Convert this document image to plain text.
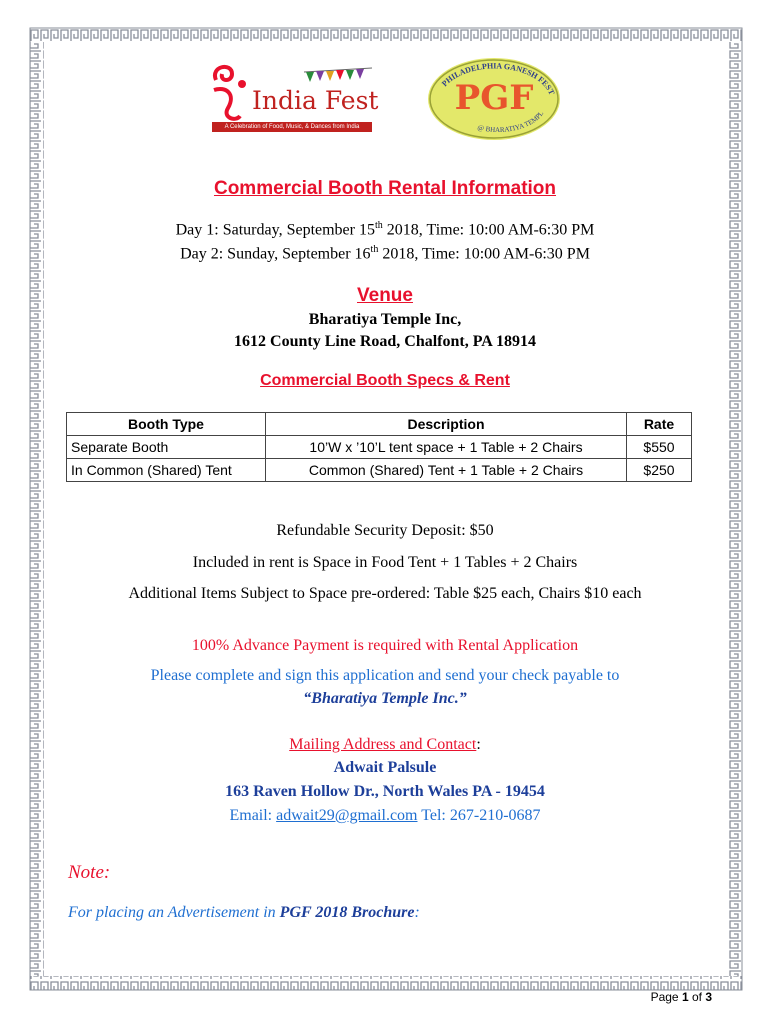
India Fest
A Celebration of Food, Music, & Dances from India
PHILADELPHIA GANESH FEST
@ BHARATIYA TEMPL
PGF
Commercial Booth Rental Information
Day 1: Saturday, September 15th 2018, Time: 10:00 AM-6:30 PM
Day 2: Sunday, September 16th 2018, Time: 10:00 AM-6:30 PM
Venue
Bharatiya Temple Inc,
1612 County Line Road, Chalfont, PA 18914
Commercial Booth Specs & Rent
Booth Type	Description	Rate
Separate Booth	10’W x ’10’L tent space + 1 Table + 2 Chairs	$550
In Common (Shared) Tent	Common (Shared) Tent + 1 Table + 2 Chairs	$250
Refundable Security Deposit: $50
Included in rent is Space in Food Tent + 1 Tables + 2 Chairs
Additional Items Subject to Space pre-ordered: Table $25 each, Chairs $10 each
100% Advance Payment is required with Rental Application
Please complete and sign this application and send your check payable to
“Bharatiya Temple Inc.”
Mailing Address and Contact:
Adwait Palsule
163 Raven Hollow Dr., North Wales PA - 19454
Email: adwait29@gmail.com Tel: 267-210-0687
Note:
For placing an Advertisement in PGF 2018 Brochure:
Page 1 of 3
